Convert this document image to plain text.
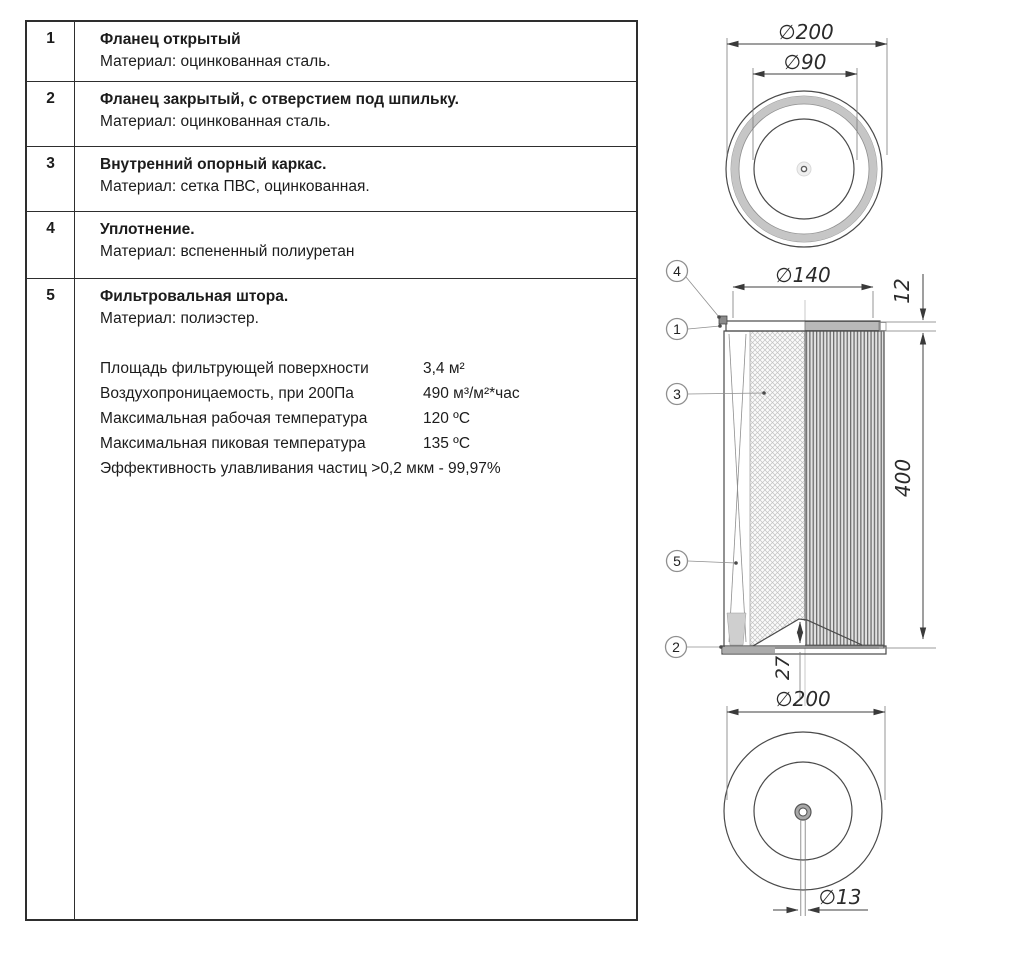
1	Фланец открытый
Материал: оцинкованная сталь.
2	Фланец закрытый, с отверстием под шпильку.
Материал: оцинкованная сталь.
3	Внутренний опорный каркас.
Материал: сетка ПВС, оцинкованная.
4	Уплотнение.
Материал: вспененный полиуретан
5	Фильтровальная штора.
Материал: полиэстер.
Площадь фильтрующей поверхности	3,4 м²
Воздухопроницаемость, при 200Па	490 м³/м²*час
Максимальная рабочая температура	120 ºС
Максимальная пиковая температура	135 ºС
Эффективность улавливания частиц >0,2 мкм - 99,97%
∅200
∅90
∅140
12
400
27
4
1
3
5
2
∅200
∅13
